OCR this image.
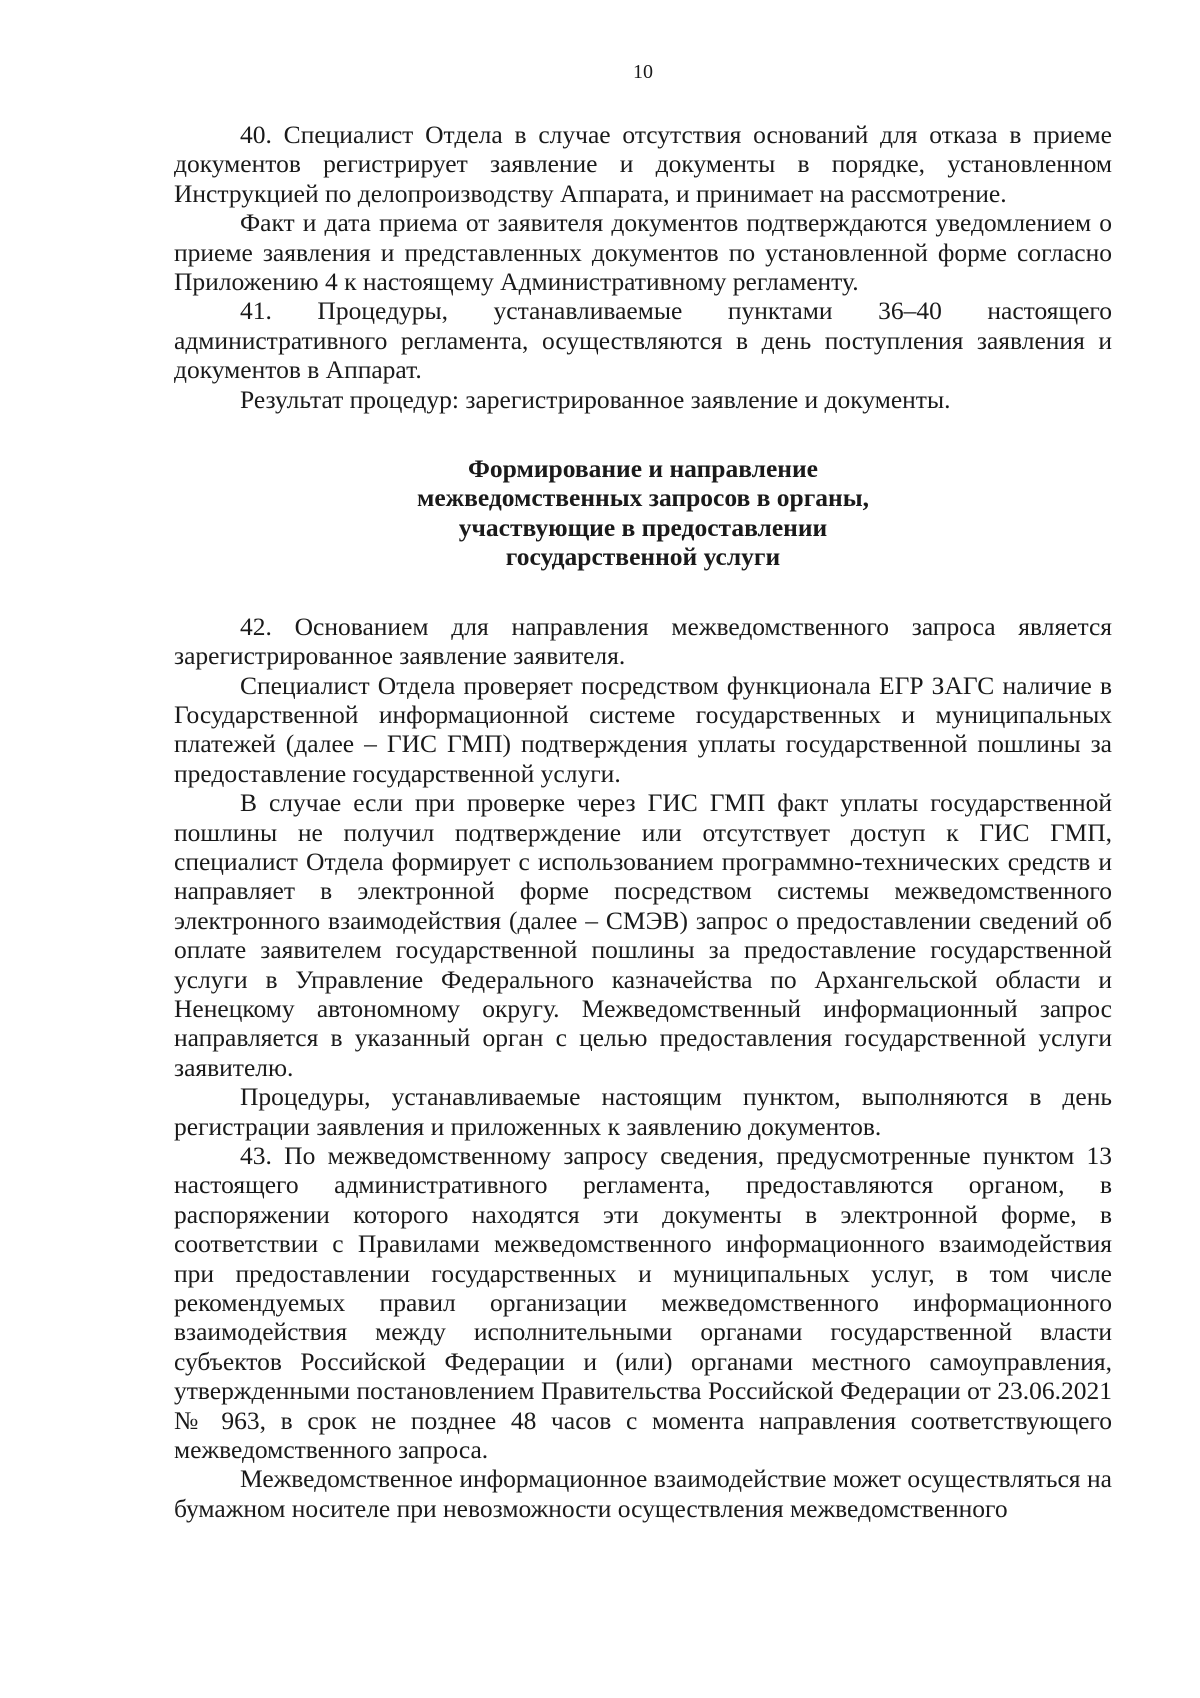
10

40. Специалист Отдела в случае отсутствия оснований для отказа в приеме документов регистрирует заявление и документы в порядке, установленном Инструкцией по делопроизводству Аппарата, и принимает на рассмотрение.

Факт и дата приема от заявителя документов подтверждаются уведомлением о приеме заявления и представленных документов по установленной форме согласно Приложению 4 к настоящему Административному регламенту.

41. Процедуры, устанавливаемые пунктами 36–40 настоящего административного регламента, осуществляются в день поступления заявления и документов в Аппарат.

Результат процедур: зарегистрированное заявление и документы.

Формирование и направление
межведомственных запросов в органы,
участвующие в предоставлении
государственной услуги

42. Основанием для направления межведомственного запроса является зарегистрированное заявление заявителя.

Специалист Отдела проверяет посредством функционала ЕГР ЗАГС наличие в Государственной информационной системе государственных и муниципальных платежей (далее – ГИС ГМП) подтверждения уплаты государственной пошлины за предоставление государственной услуги.

В случае если при проверке через ГИС ГМП факт уплаты государственной пошлины не получил подтверждение или отсутствует доступ к ГИС ГМП, специалист Отдела формирует с использованием программно-технических средств и направляет в электронной форме посредством системы межведомственного электронного взаимодействия (далее – СМЭВ) запрос о предоставлении сведений об оплате заявителем государственной пошлины за предоставление государственной услуги в Управление Федерального казначейства по Архангельской области и Ненецкому автономному округу. Межведомственный информационный запрос направляется в указанный орган с целью предоставления государственной услуги заявителю.

Процедуры, устанавливаемые настоящим пунктом, выполняются в день регистрации заявления и приложенных к заявлению документов.

43. По межведомственному запросу сведения, предусмотренные пунктом 13 настоящего административного регламента, предоставляются органом, в распоряжении которого находятся эти документы в электронной форме, в соответствии с Правилами межведомственного информационного взаимодействия при предоставлении государственных и муниципальных услуг, в том числе рекомендуемых правил организации межведомственного информационного взаимодействия между исполнительными органами государственной власти субъектов Российской Федерации и (или) органами местного самоуправления, утвержденными постановлением Правительства Российской Федерации от 23.06.2021 № 963, в срок не позднее 48 часов с момента направления соответствующего межведомственного запроса.

Межведомственное информационное взаимодействие может осуществляться на бумажном носителе при невозможности осуществления межведомственного
